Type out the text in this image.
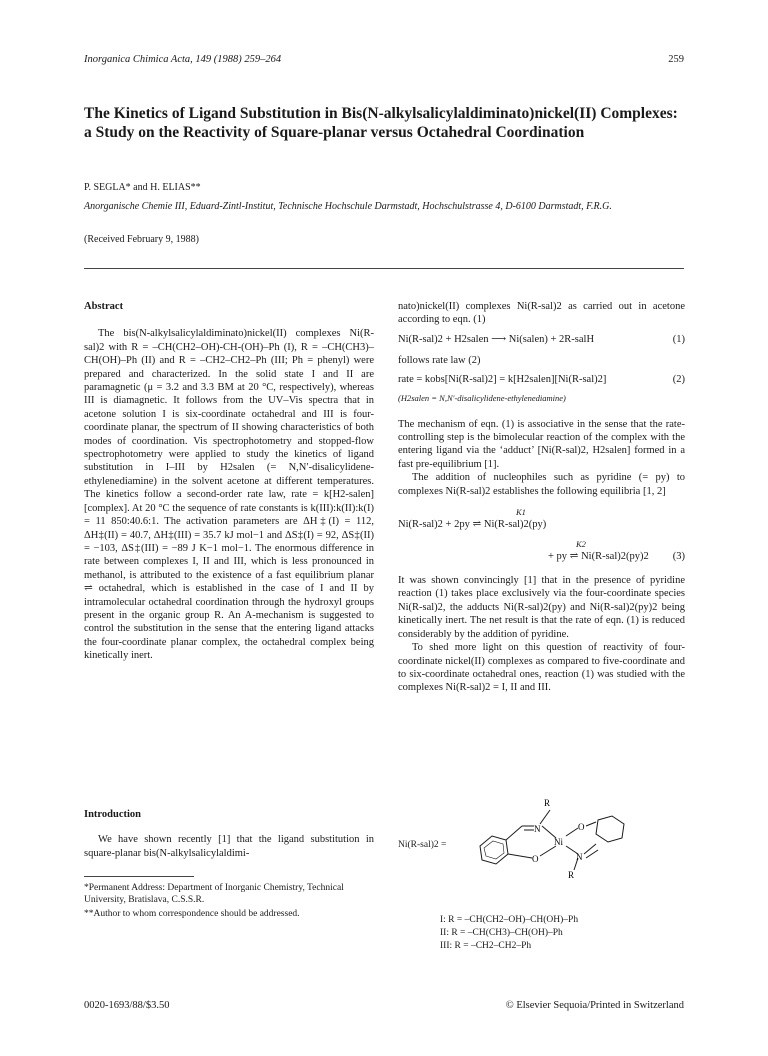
Inorganica Chimica Acta, 149 (1988) 259–264	259
The Kinetics of Ligand Substitution in Bis(N-alkylsalicylaldiminato)nickel(II) Complexes: a Study on the Reactivity of Square-planar versus Octahedral Coordination
P. SEGLA* and H. ELIAS**
Anorganische Chemie III, Eduard-Zintl-Institut, Technische Hochschule Darmstadt, Hochschulstrasse 4, D-6100 Darmstadt, F.R.G.
(Received February 9, 1988)
Abstract

The bis(N-alkylsalicylaldiminato)nickel(II) complexes Ni(R-sal)2 with R = –CH(CH2–OH)-CH-(OH)–Ph (I), R = –CH(CH3)–CH(OH)–Ph (II) and R = –CH2–CH2–Ph (III; Ph = phenyl) were prepared and characterized. In the solid state I and II are paramagnetic (μ = 3.2 and 3.3 BM at 20 °C, respectively), whereas III is diamagnetic. It follows from the UV–Vis spectra that in acetone solution I is six-coordinate octahedral and III is four-coordinate planar, the spectrum of II showing characteristics of both modes of coordination. Vis spectrophotometry and stopped-flow spectrophotometry were applied to study the kinetics of ligand substitution in I–III by H2salen (= N,N′-disalicylidene-ethylenediamine) in the solvent acetone at different temperatures. The kinetics follow a second-order rate law, rate = k[H2-salen][complex]. At 20 °C the sequence of rate constants is k(III):k(II):k(I) = 11 850:40.6:1. The activation parameters are ΔH‡(I) = 112, ΔH‡(II) = 40.7, ΔH‡(III) = 35.7 kJ mol−1 and ΔS‡(I) = 92, ΔS‡(II) = −103, ΔS‡(III) = −89 J K−1 mol−1. The enormous difference in rate between complexes I, II and III, which is less pronounced in methanol, is attributed to the existence of a fast equilibrium planar ⇌ octahedral, which is established in the case of I and II by intramolecular octahedral coordination through the hydroxyl groups present in the organic group R. An A-mechanism is suggested to control the substitution in the sense that the entering ligand attacks the four-coordinate planar complex, the octahedral complex being kinetically inert.

Introduction

We have shown recently [1] that the ligand substitution in square-planar bis(N-alkylsalicylaldimi-

*Permanent Address: Department of Inorganic Chemistry, Technical University, Bratislava, C.S.S.R.
**Author to whom correspondence should be addressed.

nato)nickel(II) complexes Ni(R-sal)2 as carried out in acetone according to eqn. (1)

Ni(R-sal)2 + H2salen ⟶ Ni(salen) + 2R-salH	(1)

follows rate law (2)

rate = kobs[Ni(R-sal)2] = k[H2salen][Ni(R-sal)2]	(2)
(H2salen = N,N′-disalicylidene-ethylenediamine)

The mechanism of eqn. (1) is associative in the sense that the rate-controlling step is the bimolecular reaction of the complex with the entering ligand via the ‘adduct’ [Ni(R-sal)2, H2salen] formed in a fast pre-equilibrium [1].

The addition of nucleophiles such as pyridine (= py) to complexes Ni(R-sal)2 establishes the following equilibria [1, 2]

K1
Ni(R-sal)2 + 2py ⇌ Ni(R-sal)2(py)
K2
+ py ⇌ Ni(R-sal)2(py)2 (3)

It was shown convincingly [1] that in the presence of pyridine reaction (1) takes place exclusively via the four-coordinate species Ni(R-sal)2, the adducts Ni(R-sal)2(py) and Ni(R-sal)2(py)2 being kinetically inert. The net result is that the rate of eqn. (1) is reduced considerably by the addition of pyridine.

To shed more light on this question of reactivity of four-coordinate nickel(II) complexes as compared to five-coordinate and to six-coordinate octahedral ones, reaction (1) was studied with the complexes Ni(R-sal)2 = I, II and III.

Ni(R-sal)2 =
R
N	O
Ni
O	N
R
I: R = –CH(CH2–OH)–CH(OH)–Ph
II: R = –CH(CH3)–CH(OH)–Ph
III: R = –CH2–CH2–Ph
0020-1693/88/$3.50	© Elsevier Sequoia/Printed in Switzerland
